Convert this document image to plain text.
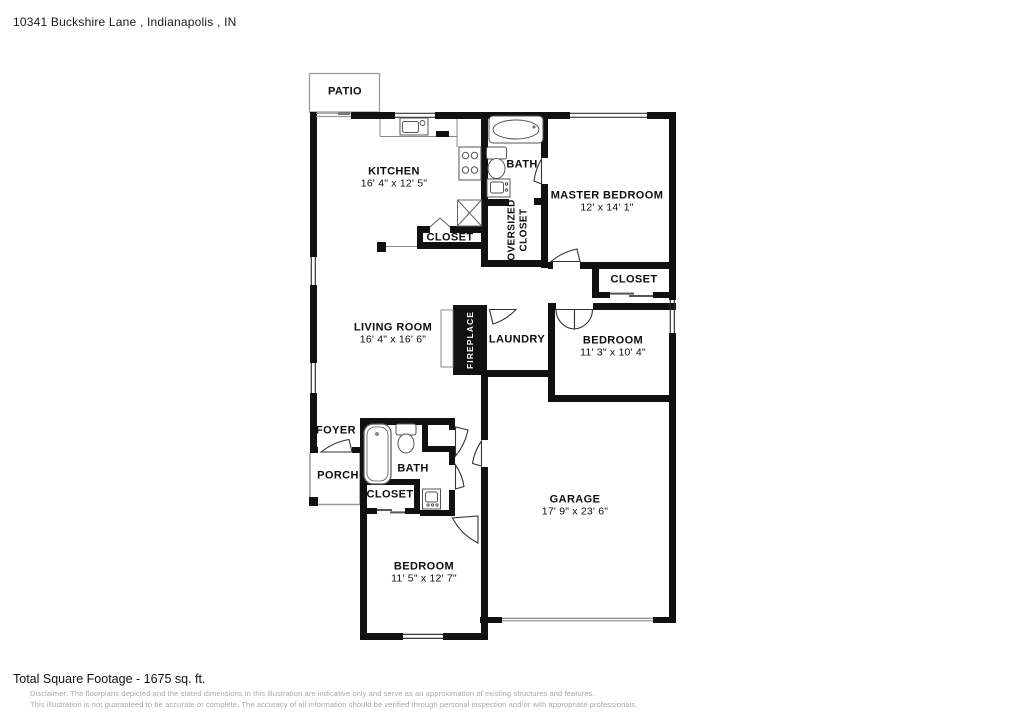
10341 Buckshire Lane , Indianapolis , IN
PATIO
KITCHEN
16' 4" x 12' 5"
BATH
OVERSIZED CLOSET
MASTER BEDROOM
12' x 14' 1"
CLOSET
LIVING ROOM
16' 4" x 16' 6"	FIREPLACE LAUNDRY	BEDROOM
11' 3" x 10' 4"
CLOSET
FOYER
PORCH
BATH
CLOSET
BEDROOM
11' 5" x 12' 7"
GARAGE
17' 9" x 23' 6"
Total Square Footage - 1675 sq. ft.
Disclaimer: The floorplans depicted and the stated dimensions in this illustration are indicative only and serve as an approximation of existing structures and features.
This illustration is not guaranteed to be accurate or complete. The accuracy of all information should be verified through personal inspection and/or with appropriate professionals.
